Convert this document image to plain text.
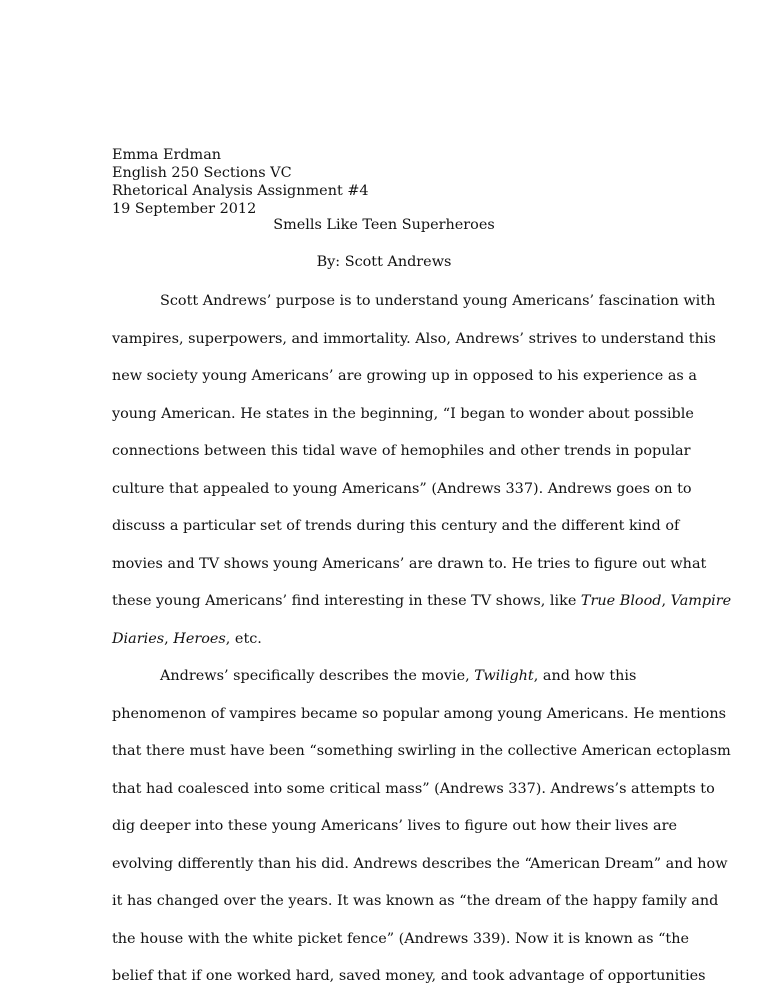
Emma Erdman
English 250 Sections VC
Rhetorical Analysis Assignment #4
19 September 2012
Smells Like Teen Superheroes
By: Scott Andrews
Scott Andrews’ purpose is to understand young Americans’ fascination with
vampires, superpowers, and immortality. Also, Andrews’ strives to understand this
new society young Americans’ are growing up in opposed to his experience as a
young American. He states in the beginning, “I began to wonder about possible
connections between this tidal wave of hemophiles and other trends in popular
culture that appealed to young Americans” (Andrews 337). Andrews goes on to
discuss a particular set of trends during this century and the different kind of
movies and TV shows young Americans’ are drawn to. He tries to figure out what
these young Americans’ find interesting in these TV shows, like True Blood, Vampire
Diaries, Heroes, etc.
Andrews’ specifically describes the movie, Twilight, and how this
phenomenon of vampires became so popular among young Americans. He mentions
that there must have been “something swirling in the collective American ectoplasm
that had coalesced into some critical mass” (Andrews 337). Andrews’s attempts to
dig deeper into these young Americans’ lives to figure out how their lives are
evolving differently than his did. Andrews describes the “American Dream” and how
it has changed over the years. It was known as “the dream of the happy family and
the house with the white picket fence” (Andrews 339). Now it is known as “the
belief that if one worked hard, saved money, and took advantage of opportunities
